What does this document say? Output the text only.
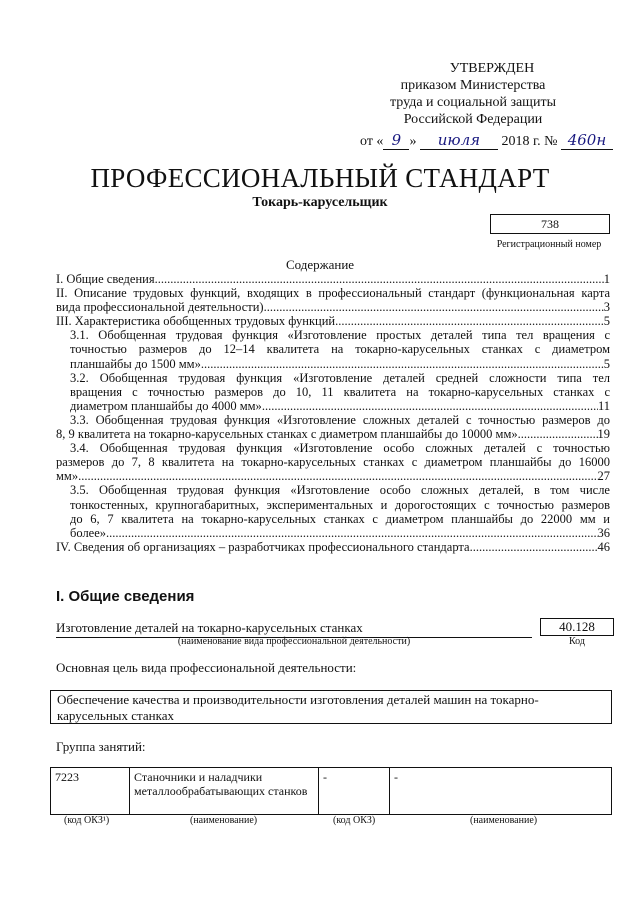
УТВЕРЖДЕН
приказом Министерства
труда и социальной защиты
Российской Федерации
от « 9 » июля 2018 г. № 460н
ПРОФЕССИОНАЛЬНЫЙ СТАНДАРТ
Токарь-карусельщик
738
Регистрационный номер
Содержание
I. Общие сведения .....	1
II. Описание трудовых функций, входящих в профессиональный стандарт (функциональная карта
вида профессиональной деятельности) .....	3
III. Характеристика обобщенных трудовых функций .....	5
3.1. Обобщенная трудовая функция «Изготовление простых деталей типа тел вращения с
точностью размеров до 12–14 квалитета на токарно-карусельных станках с диаметром
планшайбы до 1500 мм» .....	5
3.2. Обобщенная трудовая функция «Изготовление деталей средней сложности типа тел
вращения с точностью размеров до 10, 11 квалитета на токарно-карусельных станках с
диаметром планшайбы до 4000 мм» .....	11
3.3. Обобщенная трудовая функция «Изготовление сложных деталей с точностью размеров до
8, 9 квалитета на токарно-карусельных станках с диаметром планшайбы до 10000 мм» .....	19
3.4. Обобщенная трудовая функция «Изготовление особо сложных деталей с точностью
размеров до 7, 8 квалитета на токарно-карусельных станках с диаметром планшайбы до 16000
мм» .....	27
3.5. Обобщенная трудовая функция «Изготовление особо сложных деталей, в том числе
тонкостенных, крупногабаритных, экспериментальных и дорогостоящих с точностью размеров
до 6, 7 квалитета на токарно-карусельных станках с диаметром планшайбы до 22000 мм и
более» .....	36
IV. Сведения об организациях – разработчиках профессионального стандарта .....	46
I. Общие сведения
Изготовление деталей на токарно-карусельных станках
(наименование вида профессиональной деятельности)
40.128
Код
Основная цель вида профессиональной деятельности:
Обеспечение качества и производительности изготовления деталей машин на токарно-
карусельных станках
Группа занятий:
7223	Станочники и наладчики металлообрабатывающих станков	-	-
(код ОКЗ¹)	(наименование)	(код ОКЗ)	(наименование)
